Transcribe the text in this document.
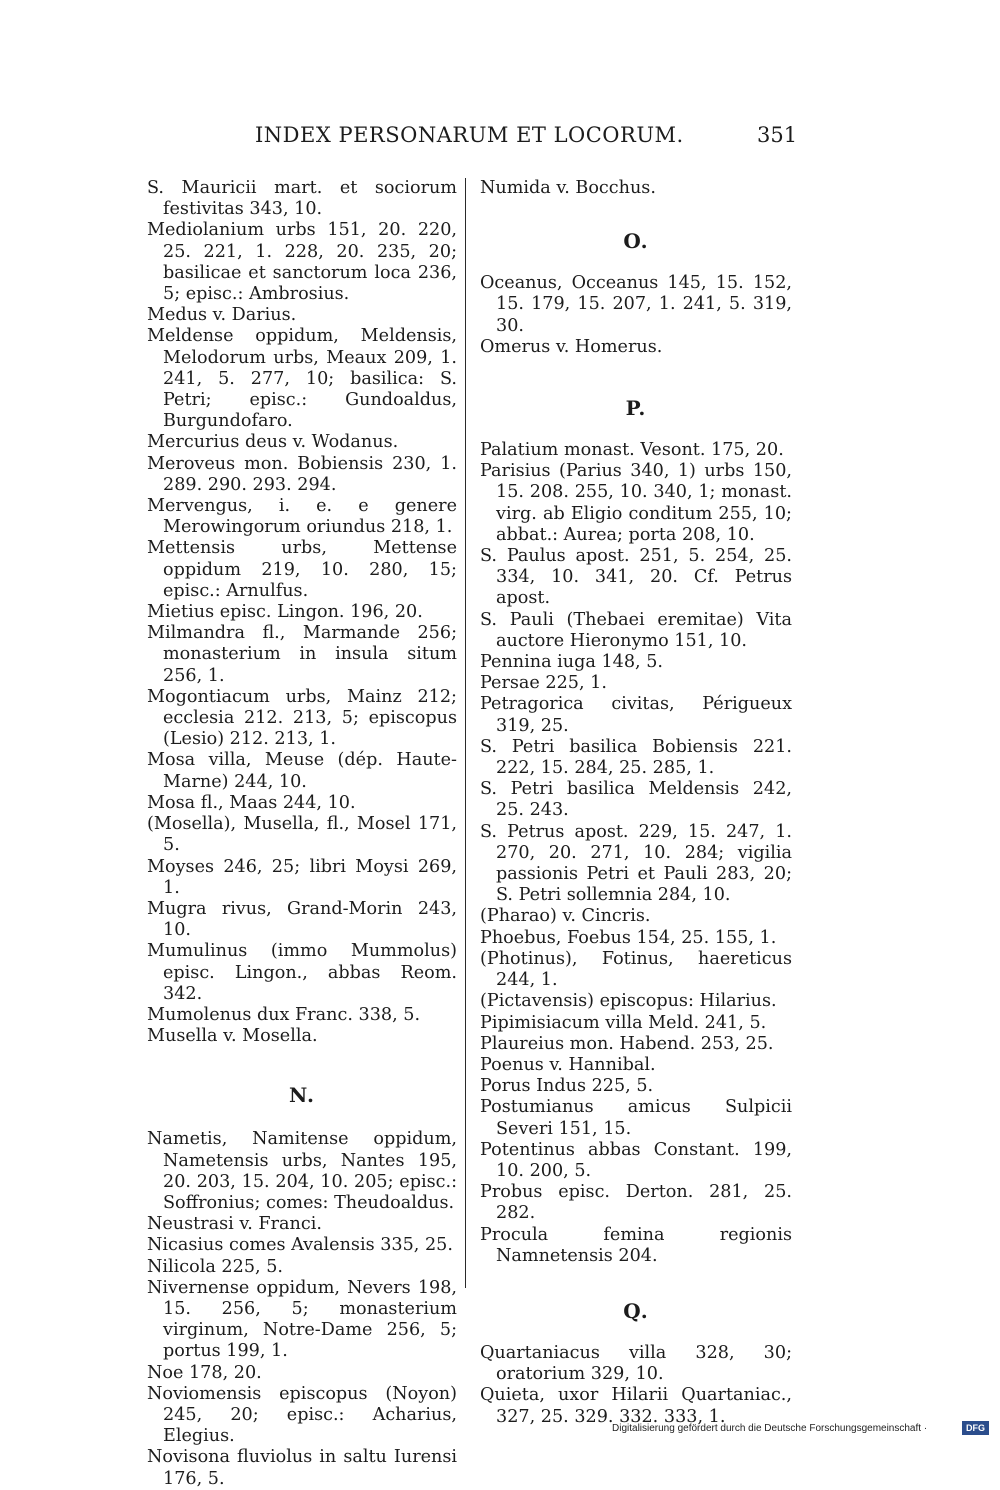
INDEX PERSONARUM ET LOCORUM.	351

S. Mauricii mart. et sociorum festivitas 343, 10.

Mediolanium urbs 151, 20. 220, 25. 221, 1. 228, 20. 235, 20; basilicae et sanctorum loca 236, 5; episc.: Ambrosius.

Medus v. Darius.

Meldense oppidum, Meldensis, Melodorum urbs, Meaux 209, 1. 241, 5. 277, 10; basilica: S. Petri; episc.: Gundoaldus, Burgundofaro.

Mercurius deus v. Wodanus.

Meroveus mon. Bobiensis 230, 1. 289. 290. 293. 294.

Mervengus, i. e. e genere Merowingorum oriundus 218, 1.

Mettensis urbs, Mettense oppidum 219, 10. 280, 15; episc.: Arnulfus.

Mietius episc. Lingon. 196, 20.

Milmandra fl., Marmande 256; monasterium in insula situm 256, 1.

Mogontiacum urbs, Mainz 212; ecclesia 212. 213, 5; episcopus (Lesio) 212. 213, 1.

Mosa villa, Meuse (dép. Haute-Marne) 244, 10.

Mosa fl., Maas 244, 10.

(Mosella), Musella, fl., Mosel 171, 5.

Moyses 246, 25; libri Moysi 269, 1.

Mugra rivus, Grand-Morin 243, 10.

Mumulinus (immo Mummolus) episc. Lingon., abbas Reom. 342.

Mumolenus dux Franc. 338, 5.

Musella v. Mosella.

N.

Nametis, Namitense oppidum, Nametensis urbs, Nantes 195, 20. 203, 15. 204, 10. 205; episc.: Soffronius; comes: Theudoaldus.

Neustrasi v. Franci.

Nicasius comes Avalensis 335, 25.

Nilicola 225, 5.

Nivernense oppidum, Nevers 198, 15. 256, 5; monasterium virginum, Notre-Dame 256, 5; portus 199, 1.

Noe 178, 20.

Noviomensis episcopus (Noyon) 245, 20; episc.: Acharius, Elegius.

Novisona fluviolus in saltu Iurensi 176, 5.

Numida v. Bocchus.

O.

Oceanus, Occeanus 145, 15. 152, 15. 179, 15. 207, 1. 241, 5. 319, 30.

Omerus v. Homerus.

P.

Palatium monast. Vesont. 175, 20.

Parisius (Parius 340, 1) urbs 150, 15. 208. 255, 10. 340, 1; monast. virg. ab Eligio conditum 255, 10; abbat.: Aurea; porta 208, 10.

S. Paulus apost. 251, 5. 254, 25. 334, 10. 341, 20. Cf. Petrus apost.

S. Pauli (Thebaei eremitae) Vita auctore Hieronymo 151, 10.

Pennina iuga 148, 5.

Persae 225, 1.

Petragorica civitas, Périgueux 319, 25.

S. Petri basilica Bobiensis 221. 222, 15. 284, 25. 285, 1.

S. Petri basilica Meldensis 242, 25. 243.

S. Petrus apost. 229, 15. 247, 1. 270, 20. 271, 10. 284; vigilia passionis Petri et Pauli 283, 20; S. Petri sollemnia 284, 10.

(Pharao) v. Cincris.

Phoebus, Foebus 154, 25. 155, 1.

(Photinus), Fotinus, haereticus 244, 1.

(Pictavensis) episcopus: Hilarius.

Pipimisiacum villa Meld. 241, 5.

Plaureius mon. Habend. 253, 25.

Poenus v. Hannibal.

Porus Indus 225, 5.

Postumianus amicus Sulpicii Severi 151, 15.

Potentinus abbas Constant. 199, 10. 200, 5.

Probus episc. Derton. 281, 25. 282.

Procula femina regionis Namnetensis 204.

Q.

Quartaniacus villa 328, 30; oratorium 329, 10.

Quieta, uxor Hilarii Quartaniac., 327, 25. 329. 332. 333, 1.

Digitalisierung gefördert durch die Deutsche Forschungsgemeinschaft ·	DFG
